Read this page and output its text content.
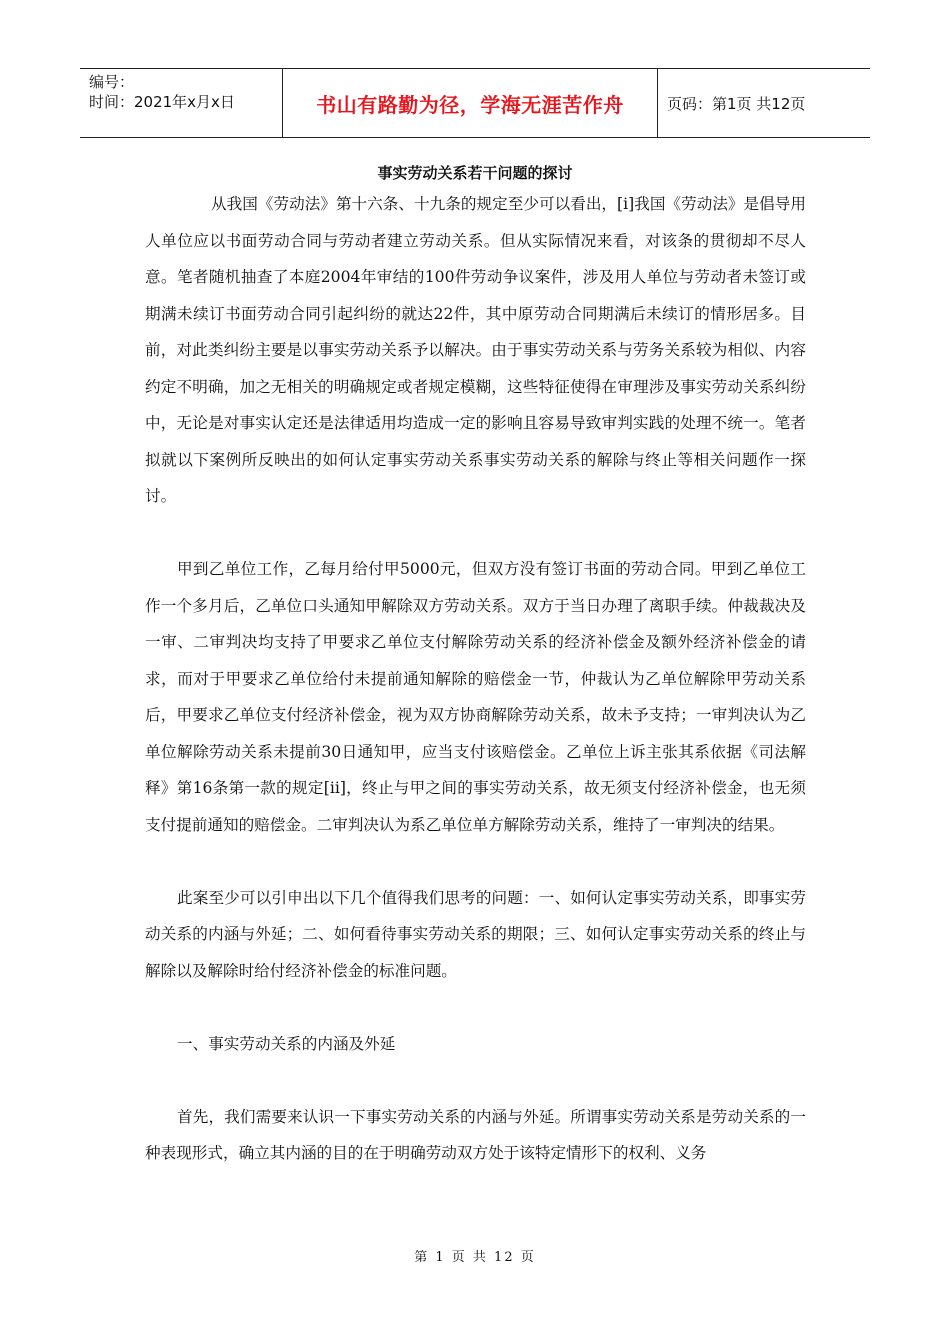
编号：
时间：2021年x月x日	书山有路勤为径，学海无涯苦作舟	页码：第1页 共12页
事实劳动关系若干问题的探讨

从我国《劳动法》第十六条、十九条的规定至少可以看出，[i]我国《劳动法》是倡导用人单位应以书面劳动合同与劳动者建立劳动关系。但从实际情况来看，对该条的贯彻却不尽人意。笔者随机抽查了本庭2004年审结的100件劳动争议案件，涉及用人单位与劳动者未签订或期满未续订书面劳动合同引起纠纷的就达22件，其中原劳动合同期满后未续订的情形居多。目前，对此类纠纷主要是以事实劳动关系予以解决。由于事实劳动关系与劳务关系较为相似、内容约定不明确，加之无相关的明确规定或者规定模糊，这些特征使得在审理涉及事实劳动关系纠纷中，无论是对事实认定还是法律适用均造成一定的影响且容易导致审判实践的处理不统一。笔者拟就以下案例所反映出的如何认定事实劳动关系事实劳动关系的解除与终止等相关问题作一探讨。

甲到乙单位工作，乙每月给付甲5000元，但双方没有签订书面的劳动合同。甲到乙单位工作一个多月后，乙单位口头通知甲解除双方劳动关系。双方于当日办理了离职手续。仲裁裁决及一审、二审判决均支持了甲要求乙单位支付解除劳动关系的经济补偿金及额外经济补偿金的请求，而对于甲要求乙单位给付未提前通知解除的赔偿金一节，仲裁认为乙单位解除甲劳动关系后，甲要求乙单位支付经济补偿金，视为双方协商解除劳动关系，故未予支持；一审判决认为乙单位解除劳动关系未提前30日通知甲，应当支付该赔偿金。乙单位上诉主张其系依据《司法解释》第16条第一款的规定[ii]，终止与甲之间的事实劳动关系，故无须支付经济补偿金，也无须支付提前通知的赔偿金。二审判决认为系乙单位单方解除劳动关系，维持了一审判决的结果。

此案至少可以引申出以下几个值得我们思考的问题：一、如何认定事实劳动关系，即事实劳动关系的内涵与外延；二、如何看待事实劳动关系的期限；三、如何认定事实劳动关系的终止与解除以及解除时给付经济补偿金的标准问题。

一、事实劳动关系的内涵及外延

首先，我们需要来认识一下事实劳动关系的内涵与外延。所谓事实劳动关系是劳动关系的一种表现形式，确立其内涵的目的在于明确劳动双方处于该特定情形下的权利、义务

第 1 页 共 12 页
